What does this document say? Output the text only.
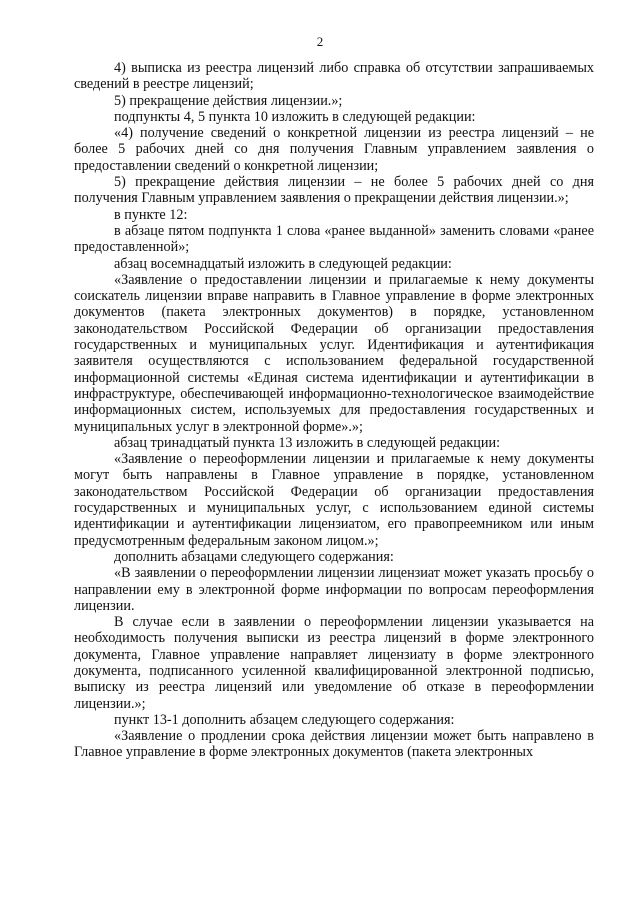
2

4) выписка из реестра лицензий либо справка об отсутствии запрашиваемых сведений в реестре лицензий;

5) прекращение действия лицензии.»;

подпункты 4, 5 пункта 10 изложить в следующей редакции:

«4) получение сведений о конкретной лицензии из реестра лицензий – не более 5 рабочих дней со дня получения Главным управлением заявления о предоставлении сведений о конкретной лицензии;

5) прекращение действия лицензии – не более 5 рабочих дней со дня получения Главным управлением заявления о прекращении действия лицензии.»;

в пункте 12:

в абзаце пятом подпункта 1 слова «ранее выданной» заменить словами «ранее предоставленной»;

абзац восемнадцатый изложить в следующей редакции:

«Заявление о предоставлении лицензии и прилагаемые к нему документы соискатель лицензии вправе направить в Главное управление в форме электронных документов (пакета электронных документов) в порядке, установленном законодательством Российской Федерации об организации предоставления государственных и муниципальных услуг. Идентификация и аутентификация заявителя осуществляются с использованием федеральной государственной информационной системы «Единая система идентификации и аутентификации в инфраструктуре, обеспечивающей информационно-технологическое взаимодействие информационных систем, используемых для предоставления государственных и муниципальных услуг в электронной форме».»;

абзац тринадцатый пункта 13 изложить в следующей редакции:

«Заявление о переоформлении лицензии и прилагаемые к нему документы могут быть направлены в Главное управление в порядке, установленном законодательством Российской Федерации об организации предоставления государственных и муниципальных услуг, с использованием единой системы идентификации и аутентификации лицензиатом, его правопреемником или иным предусмотренным федеральным законом лицом.»;

дополнить абзацами следующего содержания:

«В заявлении о переоформлении лицензии лицензиат может указать просьбу о направлении ему в электронной форме информации по вопросам переоформления лицензии.

В случае если в заявлении о переоформлении лицензии указывается на необходимость получения выписки из реестра лицензий в форме электронного документа, Главное управление направляет лицензиату в форме электронного документа, подписанного усиленной квалифицированной электронной подписью, выписку из реестра лицензий или уведомление об отказе в переоформлении лицензии.»;

пункт 13-1 дополнить абзацем следующего содержания:

«Заявление о продлении срока действия лицензии может быть направлено в Главное управление в форме электронных документов (пакета электронных
